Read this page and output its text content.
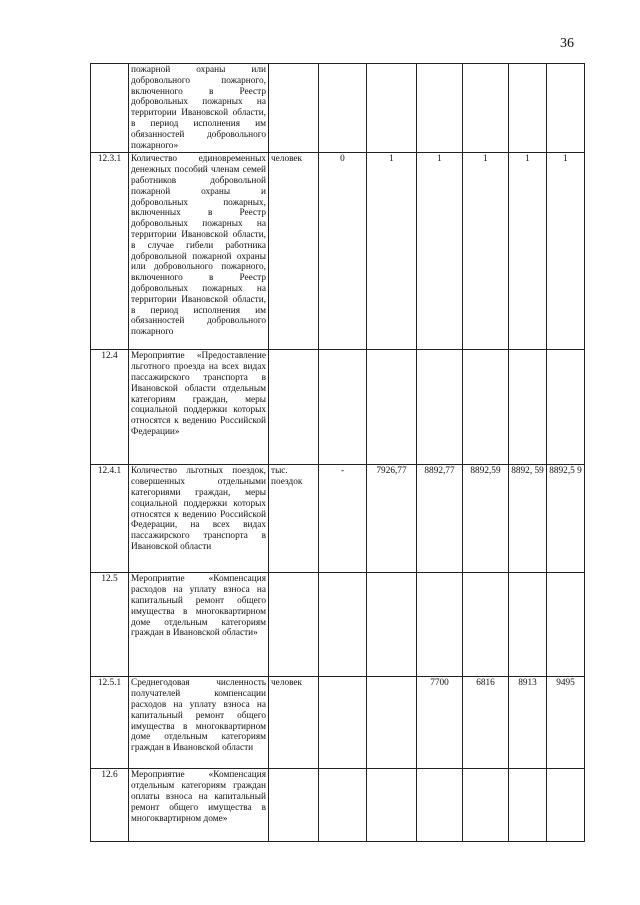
36
	пожарной охраны или добровольного пожарного, включенного в Реестр добровольных пожарных на территории Ивановской области, в период исполнения им обязанностей добровольного пожарного»							
12.3.1	Количество единовременных денежных пособий членам семей работников добровольной пожарной охраны и добровольных пожарных, включенных в Реестр добровольных пожарных на территории Ивановской области, в случае гибели работника добровольной пожарной охраны или добровольного пожарного, включенного в Реестр добровольных пожарных на территории Ивановской области, в период исполнения им обязанностей добровольного пожарного	человек	0	1	1	1	1	1
12.4	Мероприятие «Предоставление льготного проезда на всех видах пассажирского транспорта в Ивановской области отдельным категориям граждан, меры социальной поддержки которых относятся к ведению Российской Федерации»							
12.4.1	Количество льготных поездок, совершенных отдельными категориями граждан, меры социальной поддержки которых относятся к ведению Российской Федерации, на всех видах пассажирского транспорта в Ивановской области	тыс. поездок	-	7926,77	8892,77	8892,59	8892, 59	8892,5 9
12.5	Мероприятие «Компенсация расходов на уплату взноса на капитальный ремонт общего имущества в многоквартирном доме отдельным категориям граждан в Ивановской области»							
12.5.1	Среднегодовая численность получателей компенсации расходов на уплату взноса на капитальный ремонт общего имущества в многоквартирном доме отдельным категориям граждан в Ивановской области	человек			7700	6816	8913	9495
12.6	Мероприятие «Компенсация отдельным категориям граждан оплаты взноса на капитальный ремонт общего имущества в многоквартирном доме»							
